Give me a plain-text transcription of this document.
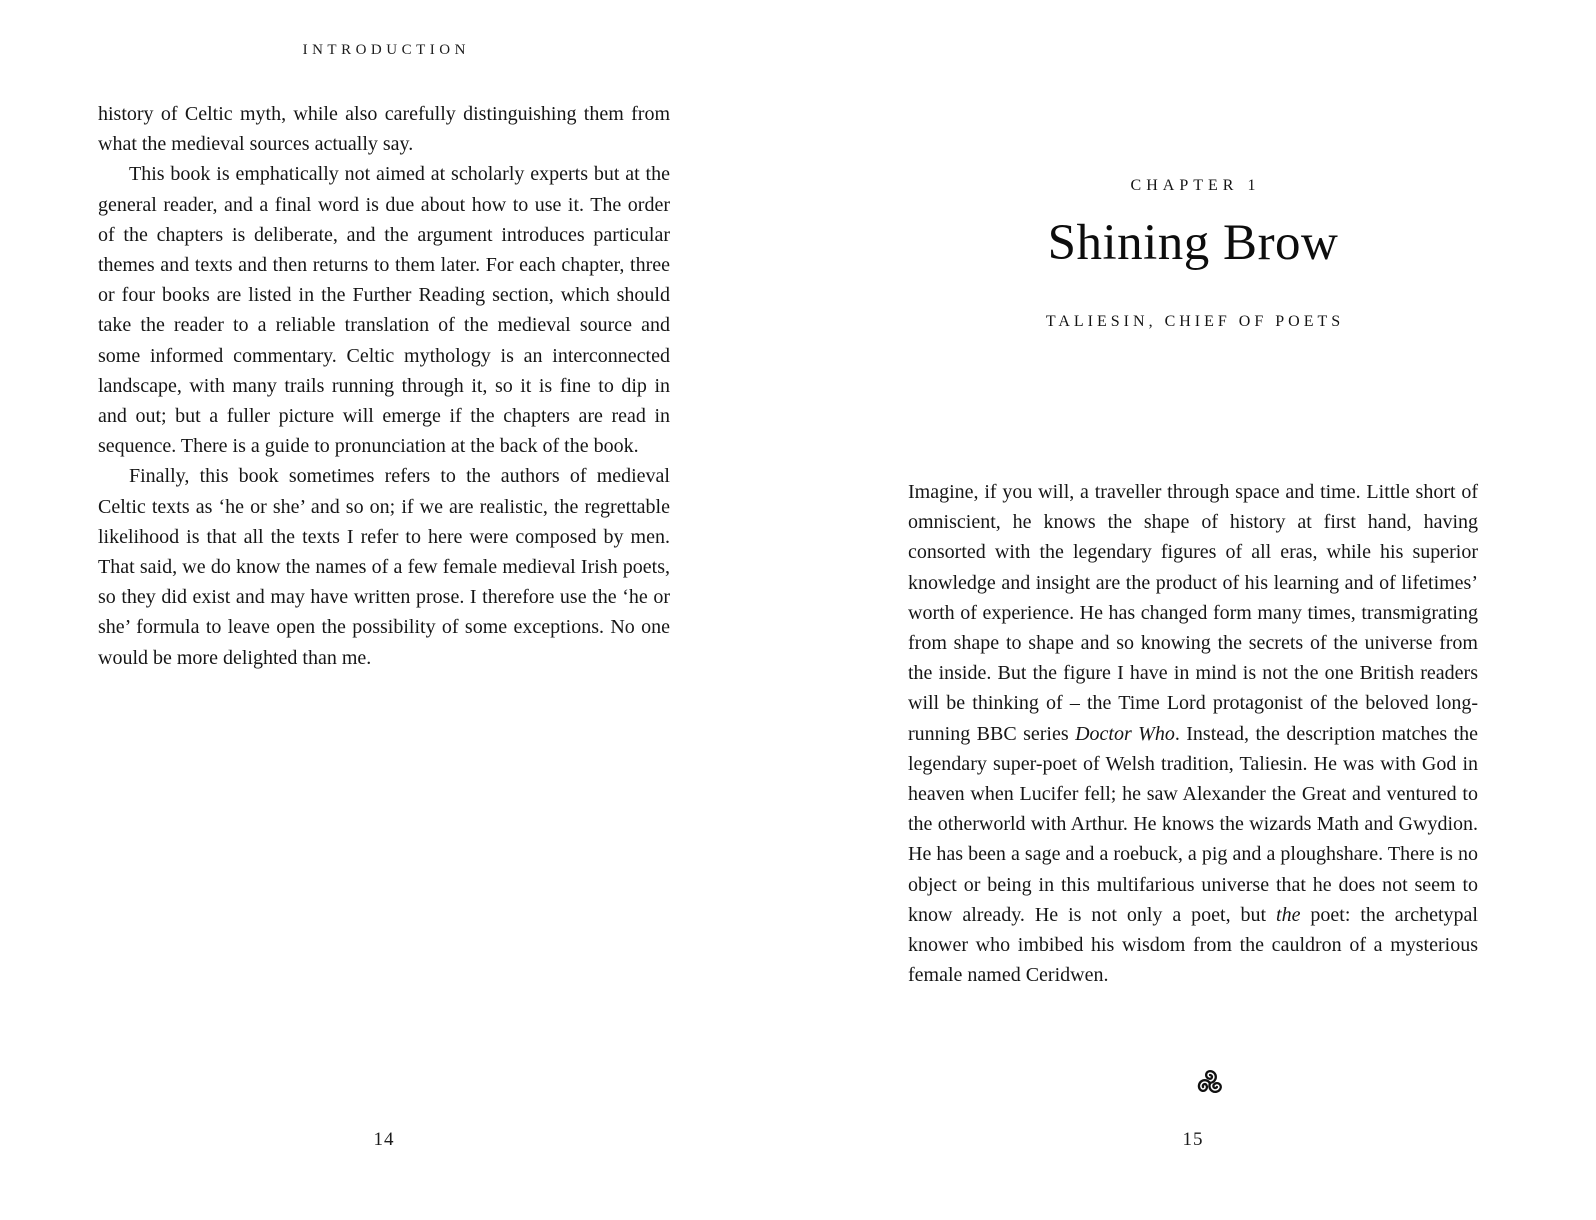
INTRODUCTION

history of Celtic myth, while also carefully distinguishing them from what the medieval sources actually say.

This book is emphatically not aimed at scholarly experts but at the general reader, and a final word is due about how to use it. The order of the chapters is deliberate, and the argument introduces particular themes and texts and then returns to them later. For each chapter, three or four books are listed in the Further Reading section, which should take the reader to a reliable translation of the medieval source and some informed commentary. Celtic mythology is an interconnected landscape, with many trails running through it, so it is fine to dip in and out; but a fuller picture will emerge if the chapters are read in sequence. There is a guide to pronunciation at the back of the book.

Finally, this book sometimes refers to the authors of medieval Celtic texts as ‘he or she’ and so on; if we are realistic, the regrettable likelihood is that all the texts I refer to here were composed by men. That said, we do know the names of a few female medieval Irish poets, so they did exist and may have written prose. I therefore use the ‘he or she’ formula to leave open the possibility of some exceptions. No one would be more delighted than me.

14
CHAPTER 1
Shining Brow
TALIESIN, CHIEF OF POETS

Imagine, if you will, a traveller through space and time. Little short of omniscient, he knows the shape of history at first hand, having consorted with the legendary figures of all eras, while his superior knowledge and insight are the product of his learning and of lifetimes’ worth of experience. He has changed form many times, transmigrating from shape to shape and so knowing the secrets of the universe from the inside. But the figure I have in mind is not the one British readers will be thinking of – the Time Lord protagonist of the beloved long-running BBC series Doctor Who. Instead, the description matches the legendary super-poet of Welsh tradition, Taliesin. He was with God in heaven when Lucifer fell; he saw Alexander the Great and ventured to the otherworld with Arthur. He knows the wizards Math and Gwydion. He has been a sage and a roebuck, a pig and a ploughshare. There is no object or being in this multifarious universe that he does not seem to know already. He is not only a poet, but the poet: the archetypal knower who imbibed his wisdom from the cauldron of a mysterious female named Ceridwen.

15
